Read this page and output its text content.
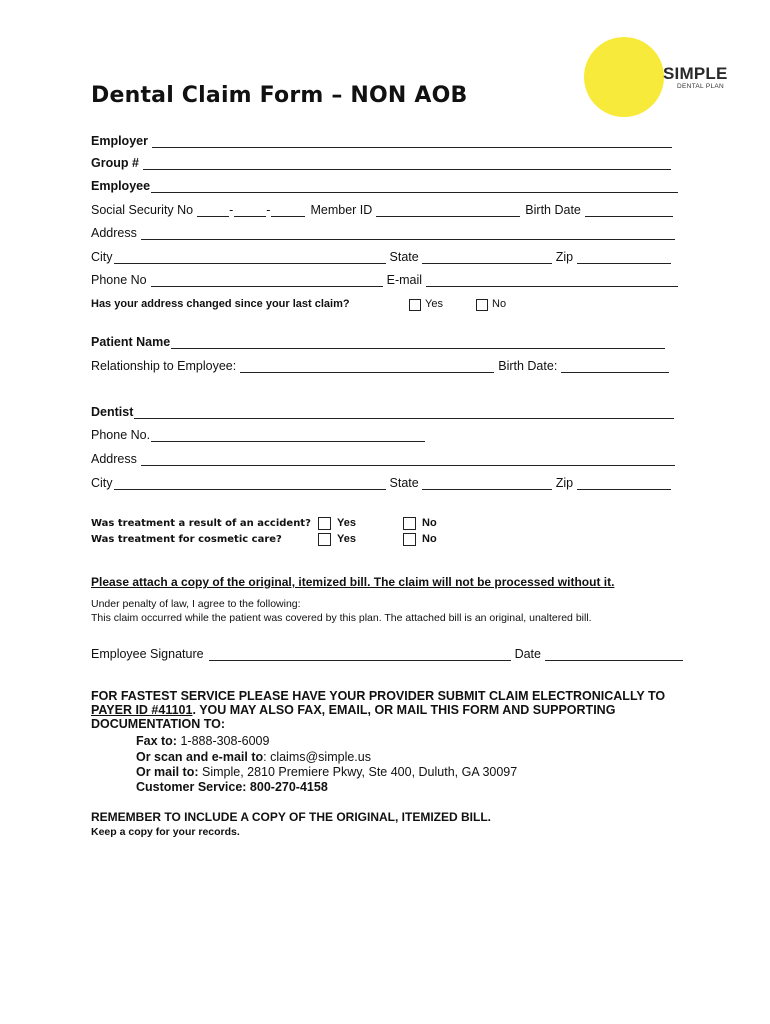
SIMPLE
DENTAL PLAN
Dental Claim Form – NON AOB
Employer
Group #
Employee
Social Security No	-	-	Member ID	Birth Date
Address
City	State	Zip
Phone No	E-mail
Has your address changed since your last claim?	Yes	No
Patient Name
Relationship to Employee:	Birth Date:
Dentist
Phone No.
Address
City	State	Zip
Was treatment a result of an accident?	Yes	No
Was treatment for cosmetic care?	Yes	No
Please attach a copy of the original, itemized bill. The claim will not be processed without it.
Under penalty of law, I agree to the following:
This claim occurred while the patient was covered by this plan. The attached bill is an original, unaltered bill.
Employee Signature	Date
FOR FASTEST SERVICE PLEASE HAVE YOUR PROVIDER SUBMIT CLAIM ELECTRONICALLY TO
PAYER ID #41101. YOU MAY ALSO FAX, EMAIL, OR MAIL THIS FORM AND SUPPORTING
DOCUMENTATION TO:
Fax to: 1-888-308-6009
Or scan and e-mail to: claims@simple.us
Or mail to: Simple, 2810 Premiere Pkwy, Ste 400, Duluth, GA 30097
Customer Service: 800-270-4158
REMEMBER TO INCLUDE A COPY OF THE ORIGINAL, ITEMIZED BILL.
Keep a copy for your records.
